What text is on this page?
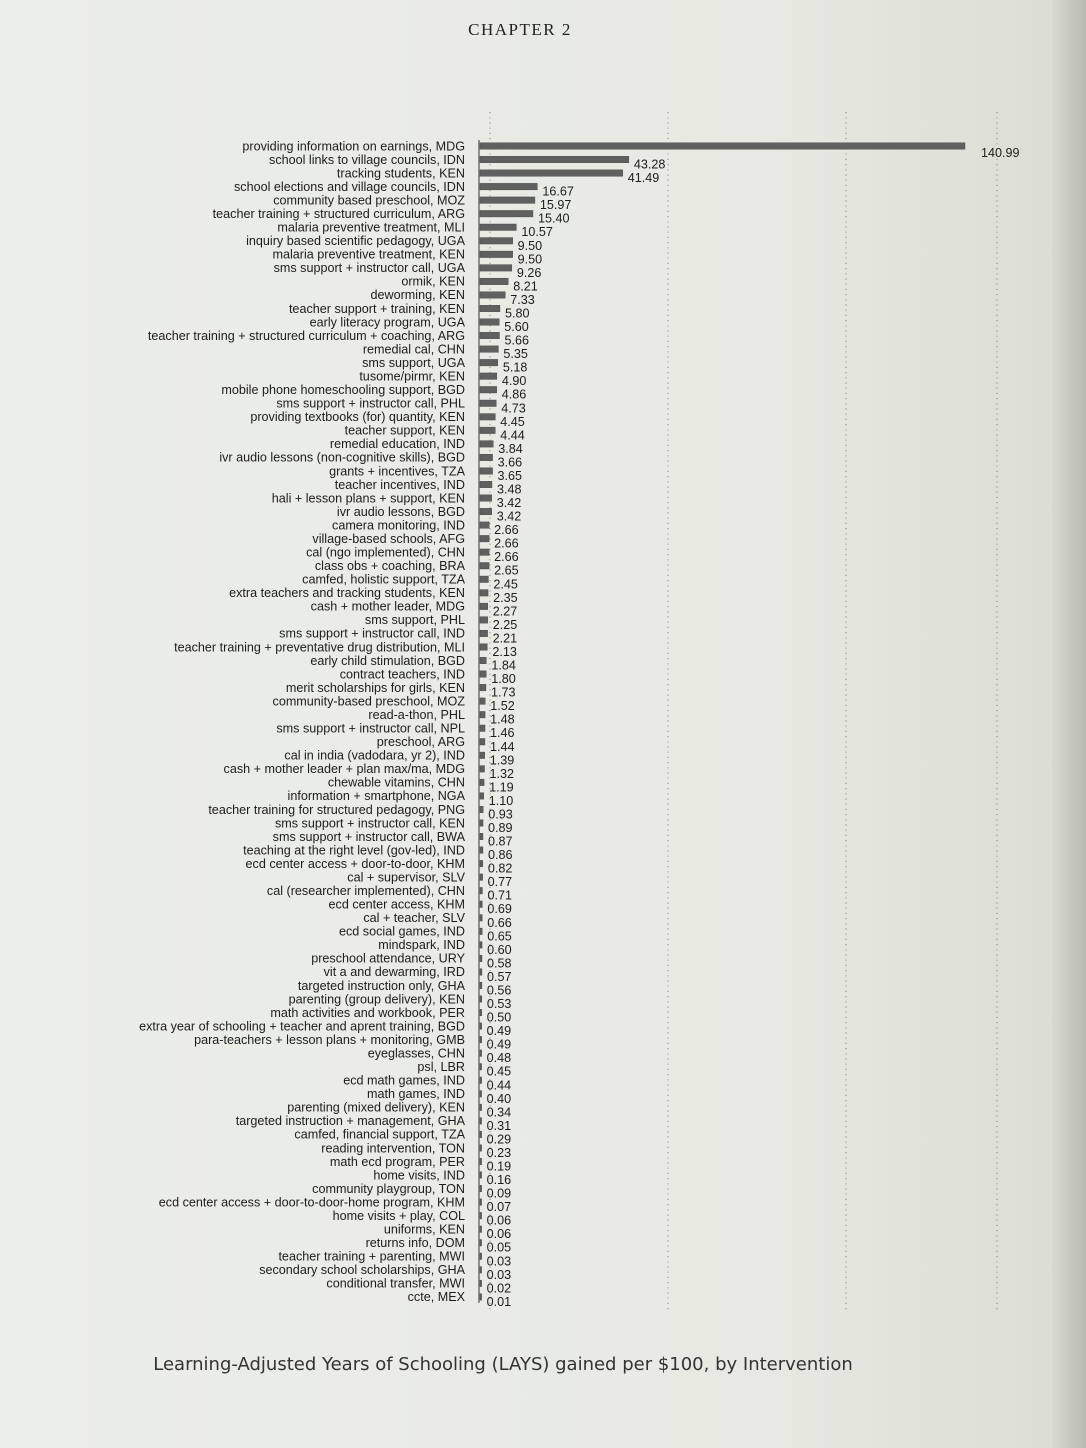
CHAPTER 2
providing information on earnings, MDG	140.99
school links to village councils, IDN	43.28
tracking students, KEN	41.49
school elections and village councils, IDN	16.67
community based preschool, MOZ	15.97
teacher training + structured curriculum, ARG	15.40
malaria preventive treatment, MLI	10.57
inquiry based scientific pedagogy, UGA	9.50
malaria preventive treatment, KEN	9.50
sms support + instructor call, UGA	9.26
ormik, KEN	8.21
deworming, KEN	7.33
teacher support + training, KEN	5.80
early literacy program, UGA	5.60
teacher training + structured curriculum + coaching, ARG	5.66
remedial cal, CHN	5.35
sms support, UGA	5.18
tusome/pirmr, KEN	4.90
mobile phone homeschooling support, BGD	4.86
sms support + instructor call, PHL	4.73
providing textbooks (for) quantity, KEN	4.45
teacher support, KEN	4.44
remedial education, IND	3.84
ivr audio lessons (non-cognitive skills), BGD	3.66
grants + incentives, TZA	3.65
teacher incentives, IND	3.48
hali + lesson plans + support, KEN	3.42
ivr audio lessons, BGD	3.42
camera monitoring, IND 2.66
village-based schools, AFG 2.66
cal (ngo implemented), CHN 2.66
class obs + coaching, BRA 2.65
camfed, holistic support, TZA 2.45
extra teachers and tracking students, KEN 2.35
cash + mother leader, MDG 2.27
sms support, PHL 2.25
sms support + instructor call, IND 2.21
teacher training + preventative drug distribution, MLI 2.13
early child stimulation, BGD 1.84
contract teachers, IND 1.80
merit scholarships for girls, KEN 1.73
community-based preschool, MOZ 1.52
read-a-thon, PHL 1.48
sms support + instructor call, NPL 1.46
preschool, ARG 1.44
cal in india (vadodara, yr 2), IND 1.39
cash + mother leader + plan max/ma, MDG 1.32
chewable vitamins, CHN 1.19
information + smartphone, NGA 1.10
teacher training for structured pedagogy, PNG 0.93
sms support + instructor call, KEN 0.89
sms support + instructor call, BWA 0.87
teaching at the right level (gov-led), IND 0.86
ecd center access + door-to-door, KHM 0.82
cal + supervisor, SLV 0.77
cal (researcher implemented), CHN 0.71
ecd center access, KHM 0.69
cal + teacher, SLV 0.66
ecd social games, IND 0.65
mindspark, IND 0.60
preschool attendance, URY 0.58
vit a and dewarming, IRD 0.57
targeted instruction only, GHA 0.56
parenting (group delivery), KEN 0.53
math activities and workbook, PER 0.50
extra year of schooling + teacher and aprent training, BGD 0.49
para-teachers + lesson plans + monitoring, GMB 0.49
eyeglasses, CHN 0.48
psl, LBR 0.45
ecd math games, IND 0.44
math games, IND 0.40
parenting (mixed delivery), KEN 0.34
targeted instruction + management, GHA 0.31
camfed, financial support, TZA 0.29
reading intervention, TON 0.23
math ecd program, PER 0.19
home visits, IND 0.16
community playgroup, TON 0.09
ecd center access + door-to-door-home program, KHM 0.07
home visits + play, COL 0.06
uniforms, KEN 0.06
returns info, DOM 0.05
teacher training + parenting, MWI 0.03
secondary school scholarships, GHA 0.03
conditional transfer, MWI 0.02
ccte, MEX 0.01
Learning-Adjusted Years of Schooling (LAYS) gained per $100, by Intervention
